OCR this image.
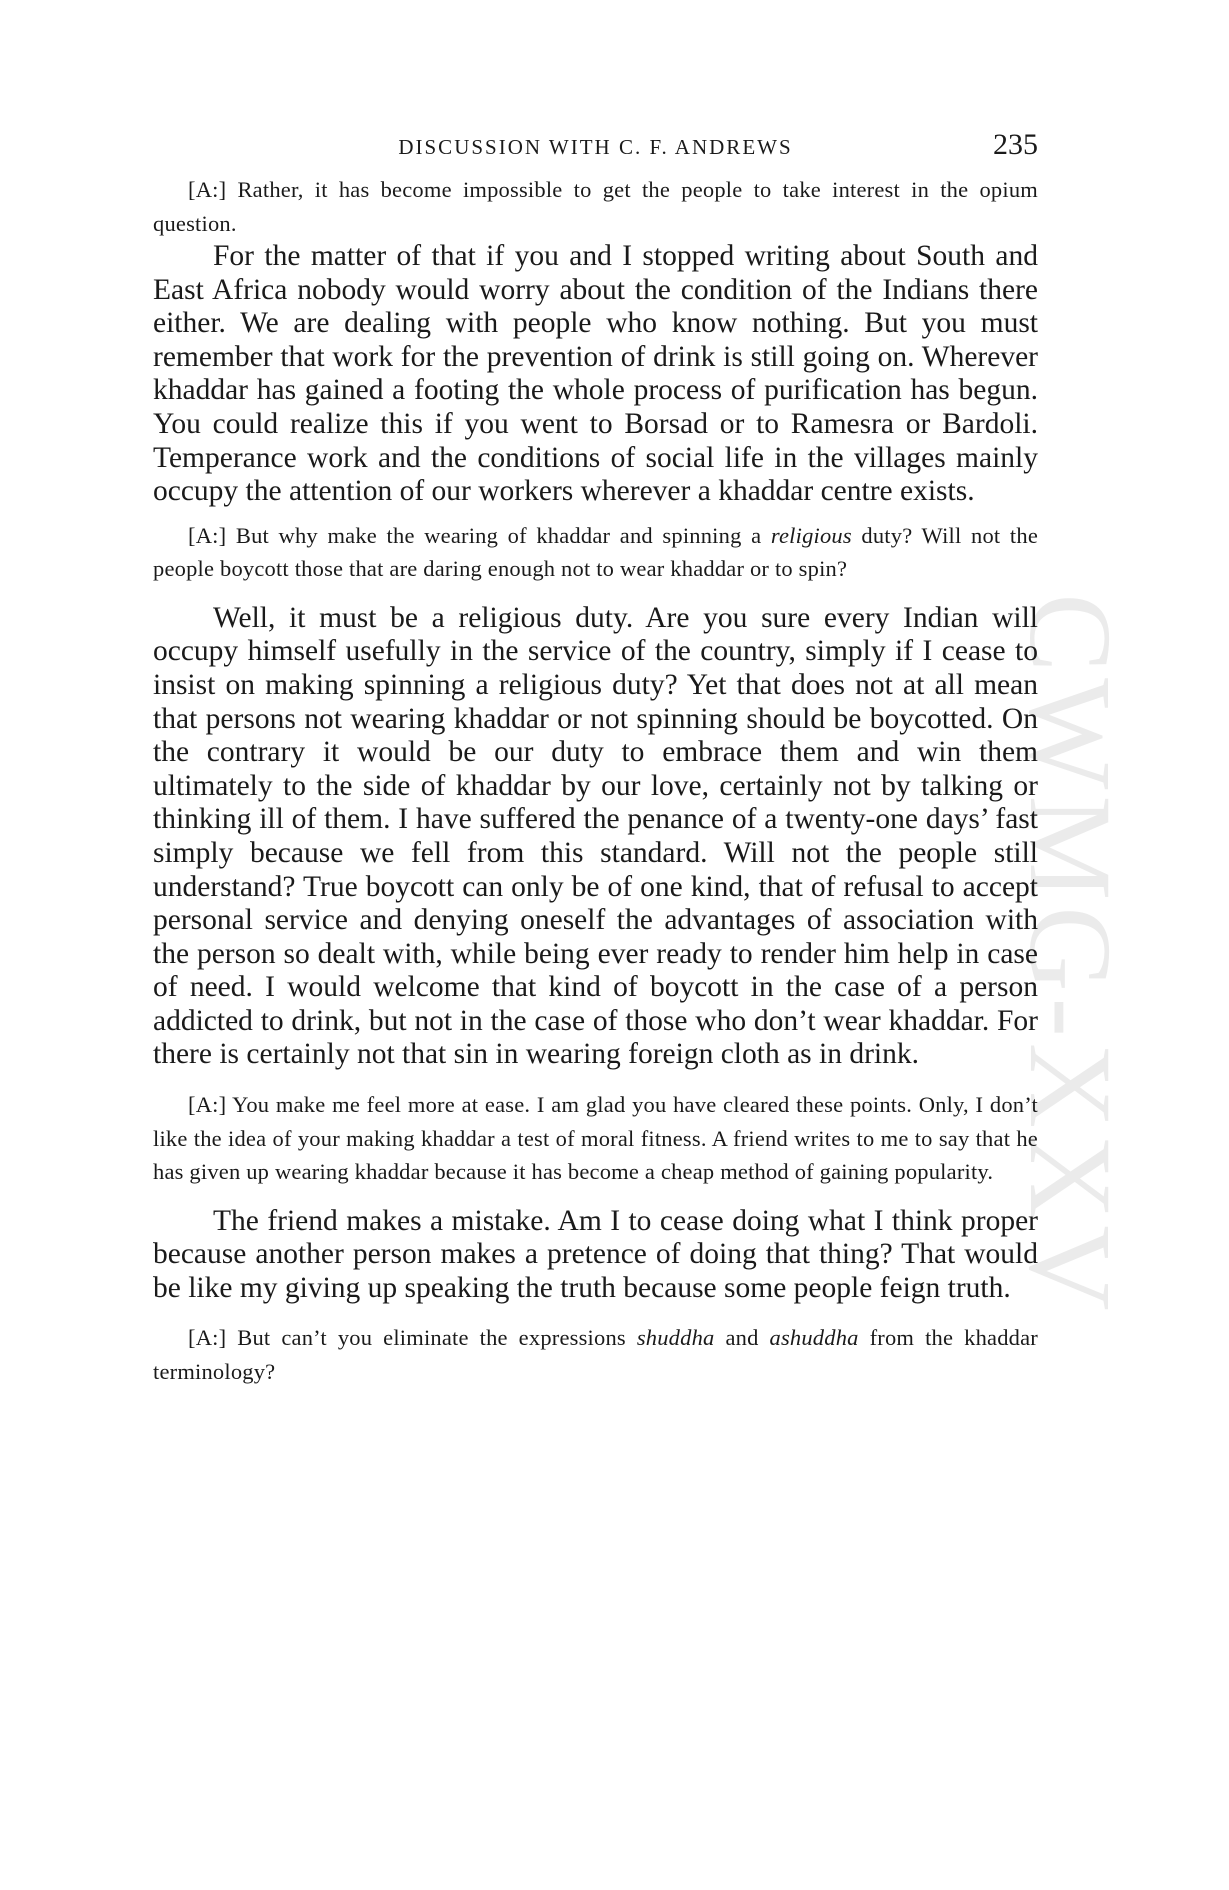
CWMG-XXV
DISCUSSION WITH C. F. ANDREWS	235

[A:] Rather, it has become impossible to get the people to take interest in the opium question.

For the matter of that if you and I stopped writing about South and East Africa nobody would worry about the condition of the Indians there either. We are dealing with people who know nothing. But you must remember that work for the prevention of drink is still going on. Wherever khaddar has gained a footing the whole process of purification has begun. You could realize this if you went to Borsad or to Ramesra or Bardoli. Temperance work and the conditions of social life in the villages mainly occupy the attention of our workers wherever a khaddar centre exists.

[A:] But why make the wearing of khaddar and spinning a religious duty? Will not the people boycott those that are daring enough not to wear khaddar or to spin?

Well, it must be a religious duty. Are you sure every Indian will occupy himself usefully in the service of the country, simply if I cease to insist on making spinning a religious duty? Yet that does not at all mean that persons not wearing khaddar or not spinning should be boycotted. On the contrary it would be our duty to embrace them and win them ultimately to the side of khaddar by our love, certainly not by talking or thinking ill of them. I have suffered the penance of a twenty-one days’ fast simply because we fell from this standard. Will not the people still understand? True boycott can only be of one kind, that of refusal to accept personal service and denying oneself the advantages of association with the person so dealt with, while being ever ready to render him help in case of need. I would welcome that kind of boycott in the case of a person addicted to drink, but not in the case of those who don’t wear khaddar. For there is certainly not that sin in wearing foreign cloth as in drink.

[A:] You make me feel more at ease. I am glad you have cleared these points. Only, I don’t like the idea of your making khaddar a test of moral fitness. A friend writes to me to say that he has given up wearing khaddar because it has become a cheap method of gaining popularity.

The friend makes a mistake. Am I to cease doing what I think proper because another person makes a pretence of doing that thing? That would be like my giving up speaking the truth because some people feign truth.

[A:] But can’t you eliminate the expressions shuddha and ashuddha from the khaddar terminology?
